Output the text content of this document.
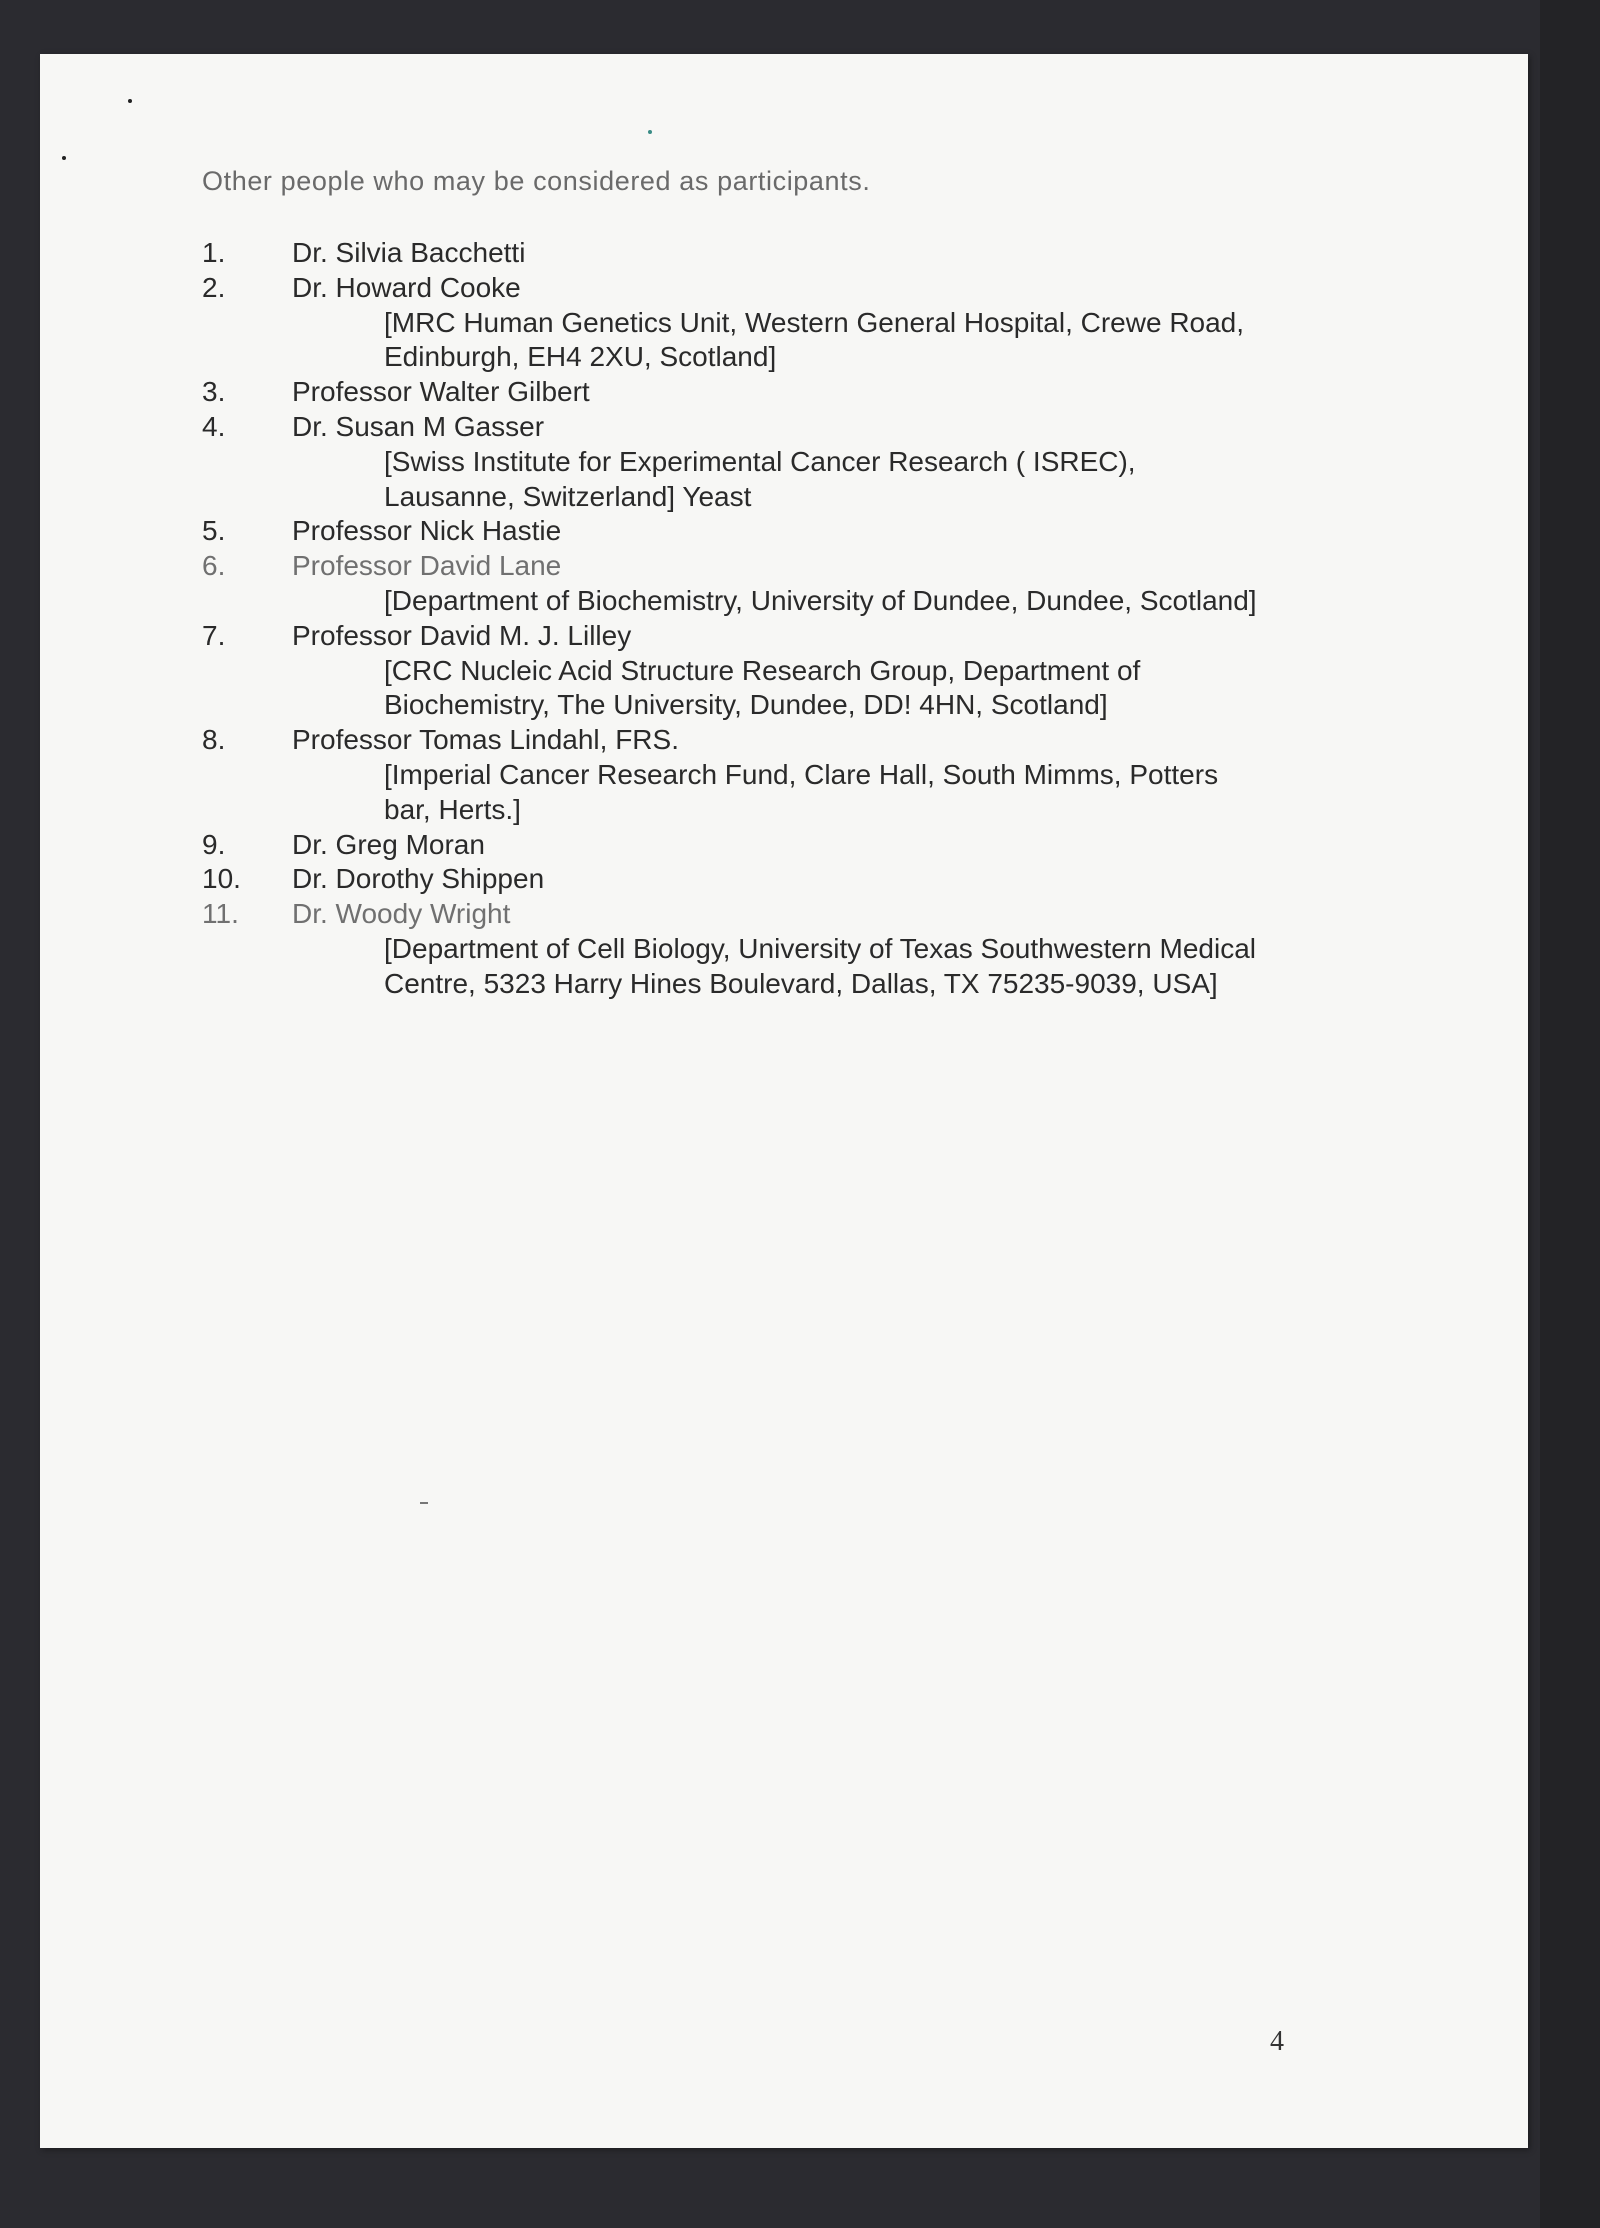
Other people who may be considered as participants.
1. Dr. Silvia Bacchetti
2. Dr. Howard Cooke
[MRC Human Genetics Unit, Western General Hospital, Crewe Road, Edinburgh, EH4 2XU, Scotland]
3. Professor Walter Gilbert
4. Dr. Susan M Gasser
[Swiss Institute for Experimental Cancer Research ( ISREC), Lausanne, Switzerland] Yeast
5. Professor Nick Hastie
6. Professor David Lane
[Department of Biochemistry, University of Dundee, Dundee, Scotland]
7. Professor David M. J. Lilley
[CRC Nucleic Acid Structure Research Group, Department of Biochemistry, The University, Dundee, DD! 4HN, Scotland]
8. Professor Tomas Lindahl, FRS.
[Imperial Cancer Research Fund, Clare Hall, South Mimms, Potters bar, Herts.]
9. Dr. Greg Moran
10. Dr. Dorothy Shippen
11. Dr. Woody Wright
[Department of Cell Biology, University of Texas Southwestern Medical Centre, 5323 Harry Hines Boulevard, Dallas, TX 75235-9039, USA]
4
